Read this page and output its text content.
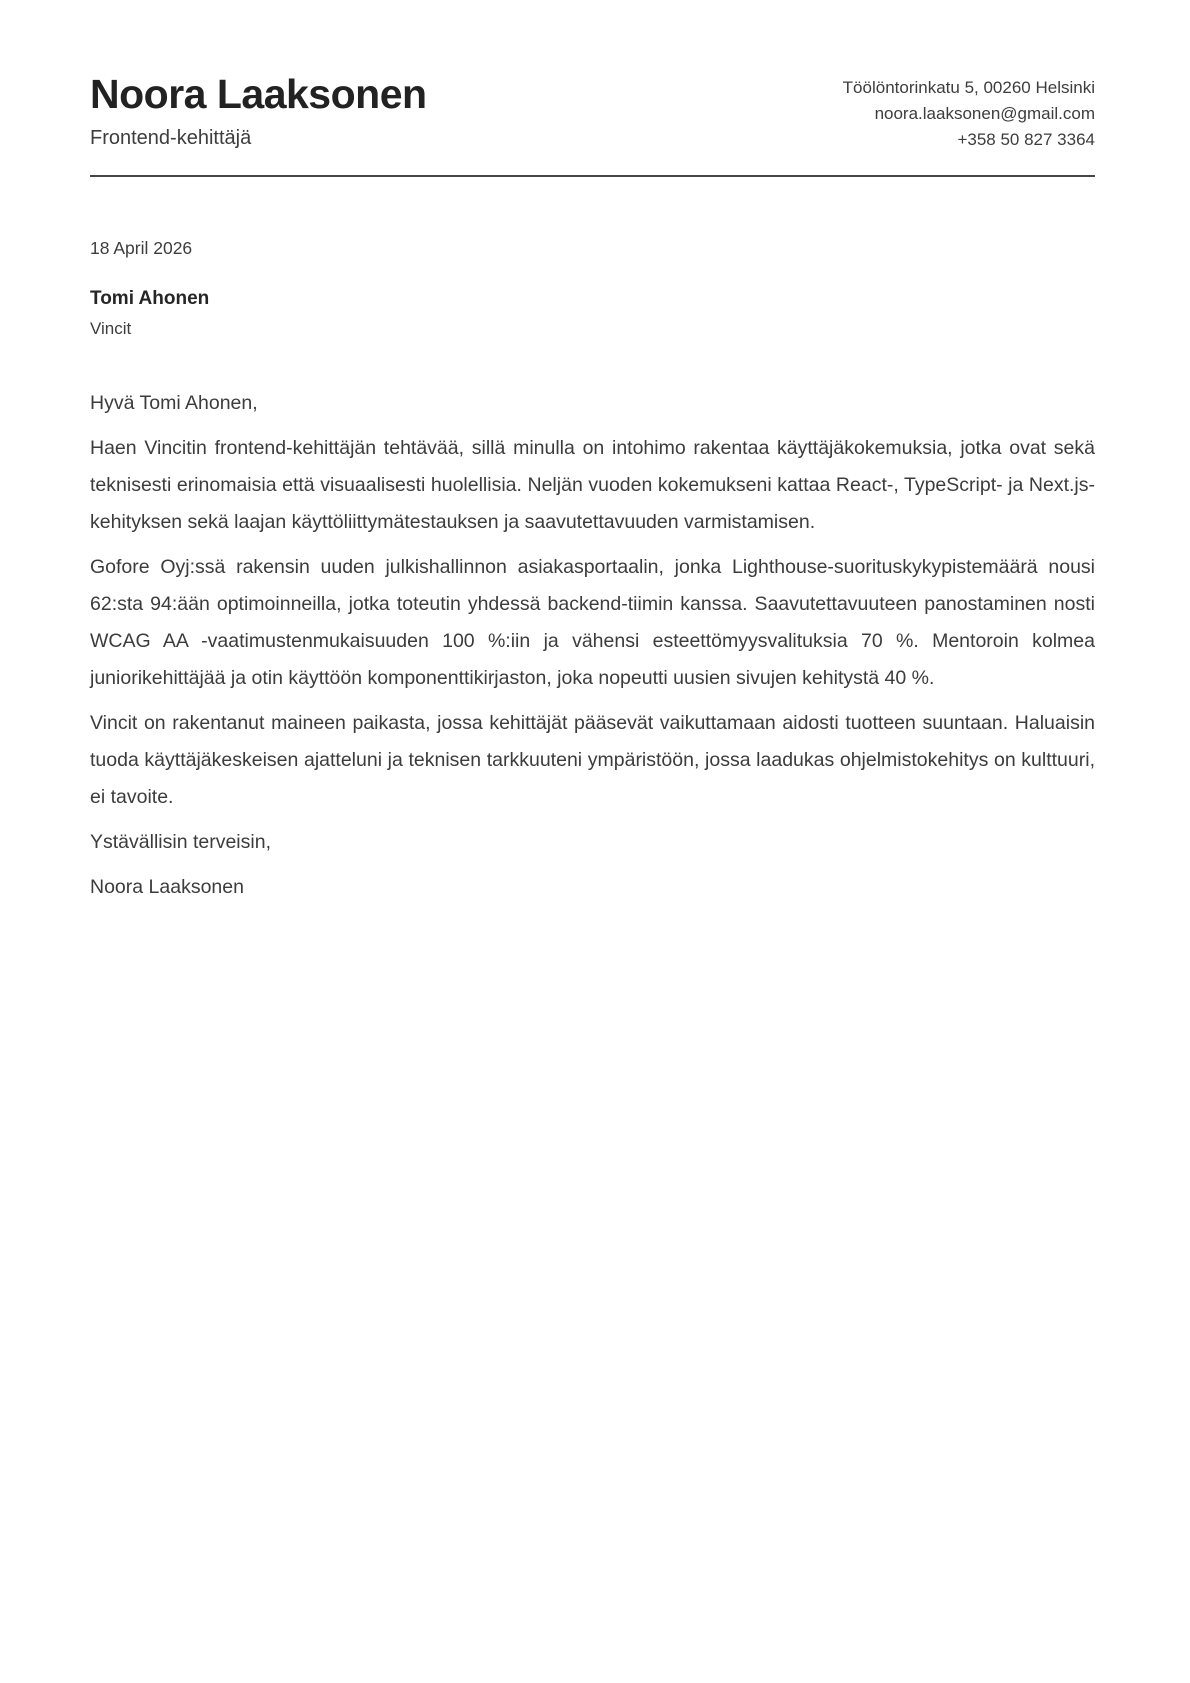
Noora Laaksonen
Frontend-kehittäjä
Töölöntorinkatu 5, 00260 Helsinki
noora.laaksonen@gmail.com
+358 50 827 3364
18 April 2026
Tomi Ahonen
Vincit

Hyvä Tomi Ahonen,

Haen Vincitin frontend-kehittäjän tehtävää, sillä minulla on intohimo rakentaa käyttäjäkokemuksia, jotka ovat sekä teknisesti erinomaisia että visuaalisesti huolellisia. Neljän vuoden kokemukseni kattaa React-, TypeScript- ja Next.js-kehityksen sekä laajan käyttöliittymätestauksen ja saavutettavuuden varmistamisen.

Gofore Oyj:ssä rakensin uuden julkishallinnon asiakasportaalin, jonka Lighthouse-suorituskykypistemäärä nousi 62:sta 94:ään optimoinneilla, jotka toteutin yhdessä backend-tiimin kanssa. Saavutettavuuteen panostaminen nosti WCAG AA -vaatimustenmukaisuuden 100 %:iin ja vähensi esteettömyysvalituksia 70 %. Mentoroin kolmea juniorikehittäjää ja otin käyttöön komponenttikirjaston, joka nopeutti uusien sivujen kehitystä 40 %.

Vincit on rakentanut maineen paikasta, jossa kehittäjät pääsevät vaikuttamaan aidosti tuotteen suuntaan. Haluaisin tuoda käyttäjäkeskeisen ajatteluni ja teknisen tarkkuuteni ympäristöön, jossa laadukas ohjelmistokehitys on kulttuuri, ei tavoite.

Ystävällisin terveisin,

Noora Laaksonen
